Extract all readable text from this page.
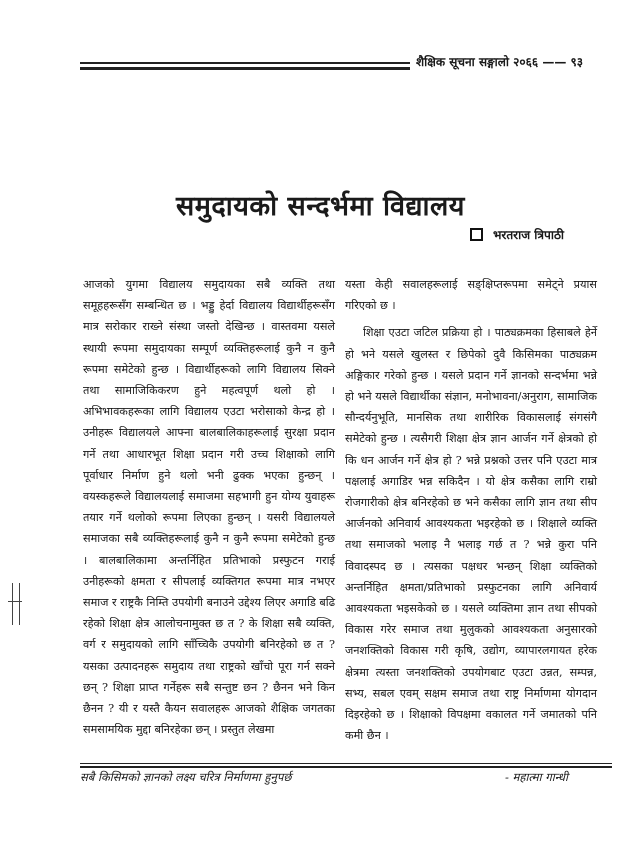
शैक्षिक सूचना सङ्गालो २०६६ —— ९३
समुदायको सन्दर्भमा विद्यालय
भरतराज त्रिपाठी

आजको युगमा विद्यालय समुदायका सबै व्यक्ति तथा समूहहरूसँग सम्बन्धित छ । भड्डु हेर्दा विद्यालय विद्यार्थीहरूसँग मात्र सरोकार राख्ने संस्था जस्तो देखिन्छ । वास्तवमा यसले स्थायी रूपमा समुदायका सम्पूर्ण व्यक्तिहरूलाई कुनै न कुनै रूपमा समेटेको हुन्छ । विद्यार्थीहरूको लागि विद्यालय सिक्ने तथा सामाजिकिकरण हुने महत्वपूर्ण थलो हो । अभिभावकहरूका लागि विद्यालय एउटा भरोसाको केन्द्र हो । उनीहरू विद्यालयले आफ्ना बालबालिकाहरूलाई सुरक्षा प्रदान गर्ने तथा आधारभूत शिक्षा प्रदान गरी उच्च शिक्षाको लागि पूर्वाधार निर्माण हुने थलो भनी ढुक्क भएका हुन्छन् । वयस्कहरूले विद्यालयलाई समाजमा सहभागी हुन योग्य युवाहरू तयार गर्ने थलोको रूपमा लिएका हुन्छन् । यसरी विद्यालयले समाजका सबै व्यक्तिहरूलाई कुनै न कुनै रूपमा समेटेको हुन्छ । बालबालिकामा अन्तर्निहित प्रतिभाको प्रस्फुटन गराई उनीहरूको क्षमता र सीपलाई व्यक्तिगत रूपमा मात्र नभएर समाज र राष्ट्रकै निम्ति उपयोगी बनाउने उद्देश्य लिएर अगाडि बढि रहेको शिक्षा क्षेत्र आलोचनामुक्त छ त ? के शिक्षा सबै व्यक्ति, वर्ग र समुदायको लागि साँच्चिकै उपयोगी बनिरहेको छ त ? यसका उत्पादनहरू समुदाय तथा राष्ट्रको खाँचो पूरा गर्न सक्ने छन् ? शिक्षा प्राप्त गर्नेहरू सबै सन्तुष्ट छन ? छैनन भने किन छैनन ? यी र यस्तै कैयन सवालहरू आजको शैक्षिक जगतका समसामयिक मुद्दा बनिरहेका छन् । प्रस्तुत लेखमा

यस्ता केही सवालहरूलाई सङ्क्षिप्तरूपमा समेट्ने प्रयास गरिएको छ ।

शिक्षा एउटा जटिल प्रक्रिया हो । पाठ्यक्रमका हिसाबले हेर्ने हो भने यसले खुलस्त र छिपेको दुवै किसिमका पाठ्यक्रम अङ्गिकार गरेको हुन्छ । यसले प्रदान गर्ने ज्ञानको सन्दर्भमा भन्ने हो भने यसले विद्यार्थीका संज्ञान, मनोभावना/अनुराग, सामाजिक सौन्दर्यनुभूति, मानसिक तथा शारीरिक विकासलाई संगसंगै समेटेको हुन्छ । त्यसैगरी शिक्षा क्षेत्र ज्ञान आर्जन गर्ने क्षेत्रको हो कि धन आर्जन गर्ने क्षेत्र हो ? भन्ने प्रश्नको उत्तर पनि एउटा मात्र पक्षलाई अगाडिर भन्न सकिदैन । यो क्षेत्र कसैका लागि राम्रो रोजगारीको क्षेत्र बनिरहेको छ भने कसैका लागि ज्ञान तथा सीप आर्जनको अनिवार्य आवश्यकता भइरहेको छ । शिक्षाले व्यक्ति तथा समाजको भलाइ नै भलाइ गर्छ त ? भन्ने कुरा पनि विवादस्पद छ । त्यसका पक्षधर भन्छन् शिक्षा व्यक्तिको अन्तर्निहित क्षमता/प्रतिभाको प्रस्फुटनका लागि अनिवार्य आवश्यकता भइसकेको छ । यसले व्यक्तिमा ज्ञान तथा सीपको विकास गरेर समाज तथा मुलुकको आवश्यकता अनुसारको जनशक्तिको विकास गरी कृषि, उद्योग, व्यापारलगायत हरेक क्षेत्रमा त्यस्ता जनशक्तिको उपयोगबाट एउटा उन्नत, सम्पन्न, सभ्य, सबल एवम् सक्षम समाज तथा राष्ट्र निर्माणमा योगदान दिइरहेको छ । शिक्षाको विपक्षमा वकालत गर्ने जमातको पनि कमी छैन ।

सबै किसिमको ज्ञानको लक्ष्य चरित्र निर्माणमा हुनुपर्छ	- महात्मा गान्धी
